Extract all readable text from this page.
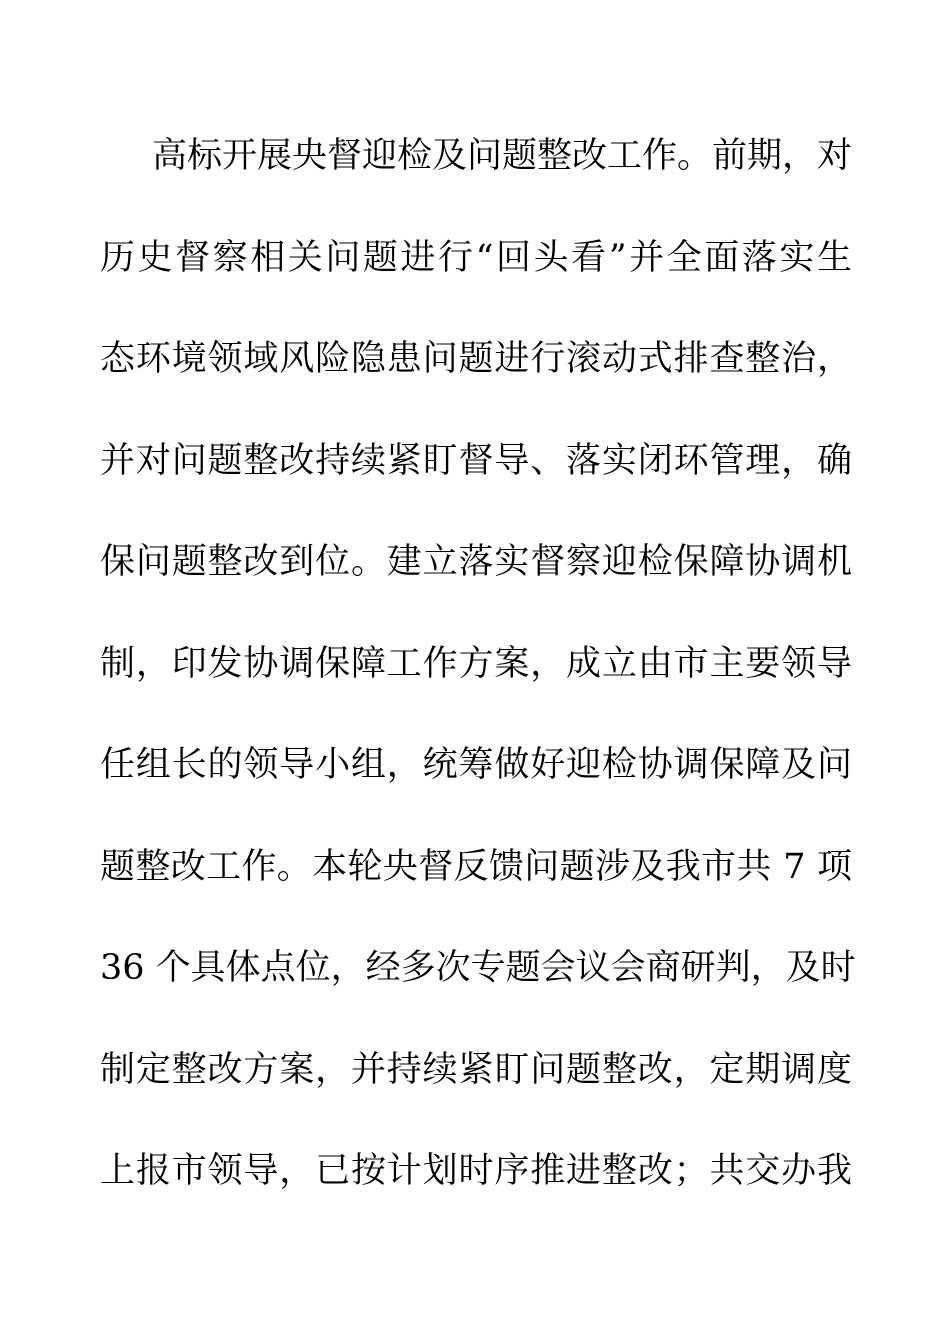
高标开展央督迎检及问题整改工作。前期，对
历史督察相关问题进行“回头看”并全面落实生
态环境领域风险隐患问题进行滚动式排查整治，
并对问题整改持续紧盯督导、落实闭环管理，确
保问题整改到位。建立落实督察迎检保障协调机
制，印发协调保障工作方案，成立由市主要领导
任组长的领导小组，统筹做好迎检协调保障及问
题整改工作。本轮央督反馈问题涉及我市共 7 项
36 个具体点位，经多次专题会议会商研判，及时
制定整改方案，并持续紧盯问题整改，定期调度
上报市领导，已按计划时序推进整改；共交办我
